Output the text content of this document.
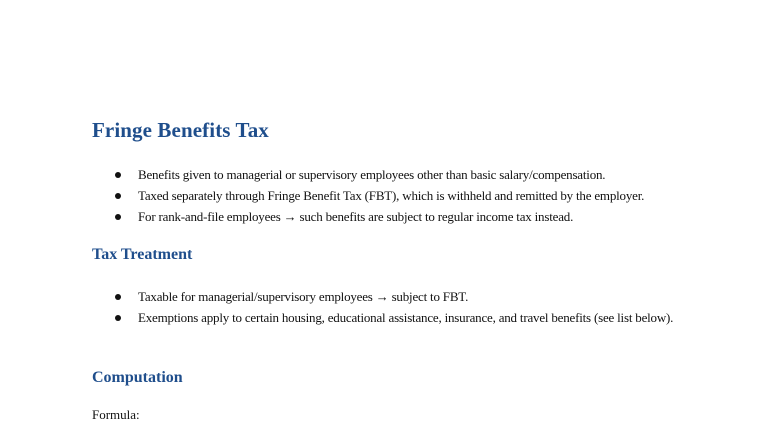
Fringe Benefits Tax
Benefits given to managerial or supervisory employees other than basic salary/compensation.
Taxed separately through Fringe Benefit Tax (FBT), which is withheld and remitted by the employer.
For rank-and-file employees → such benefits are subject to regular income tax instead.
Tax Treatment
Taxable for managerial/supervisory employees → subject to FBT.
Exemptions apply to certain housing, educational assistance, insurance, and travel benefits (see list below).
Computation

Formula:
